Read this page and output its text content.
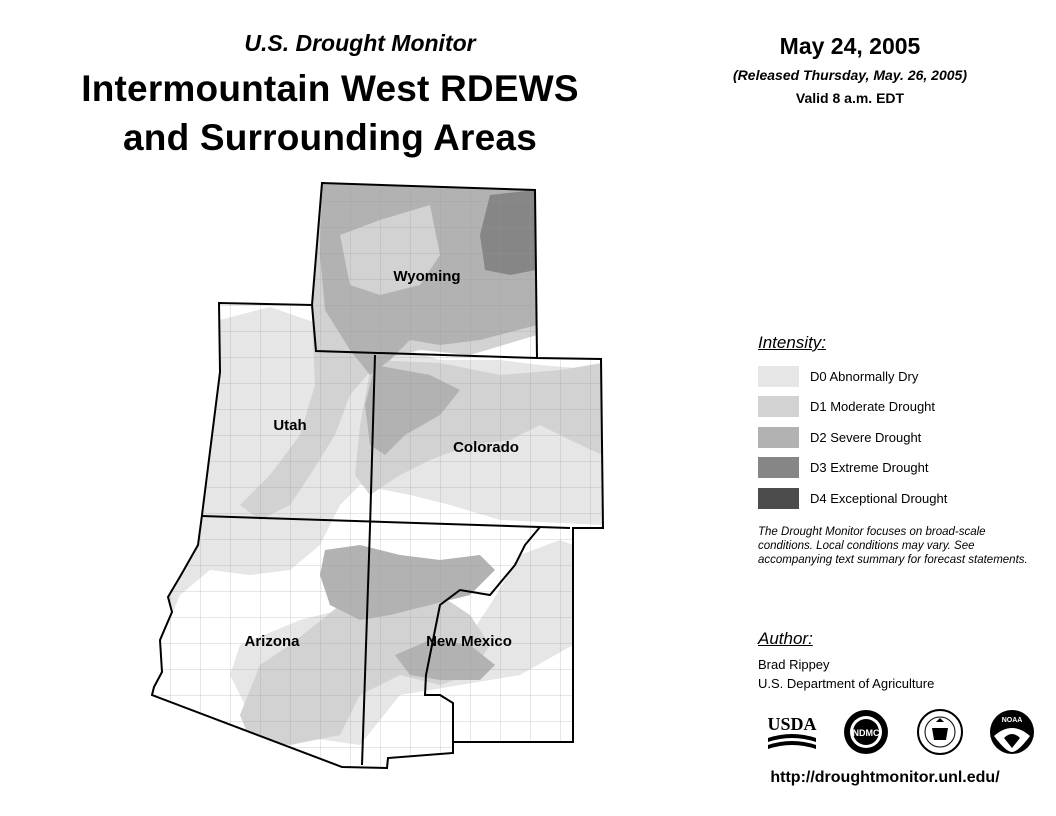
U.S. Drought Monitor
Intermountain West RDEWS
and Surrounding Areas
May 24, 2005
(Released Thursday, May. 26, 2005)
Valid 8 a.m. EDT
Wyoming
Utah
Colorado
Arizona	New Mexico
Intensity:
D0 Abnormally Dry
D1 Moderate Drought
D2 Severe Drought
D3 Extreme Drought
D4 Exceptional Drought
The Drought Monitor focuses on broad-scale conditions. Local conditions may vary. See accompanying text summary for forecast statements.
Author:
Brad Rippey
U.S. Department of Agriculture
USDA	NDMC
NOAA
http://droughtmonitor.unl.edu/
